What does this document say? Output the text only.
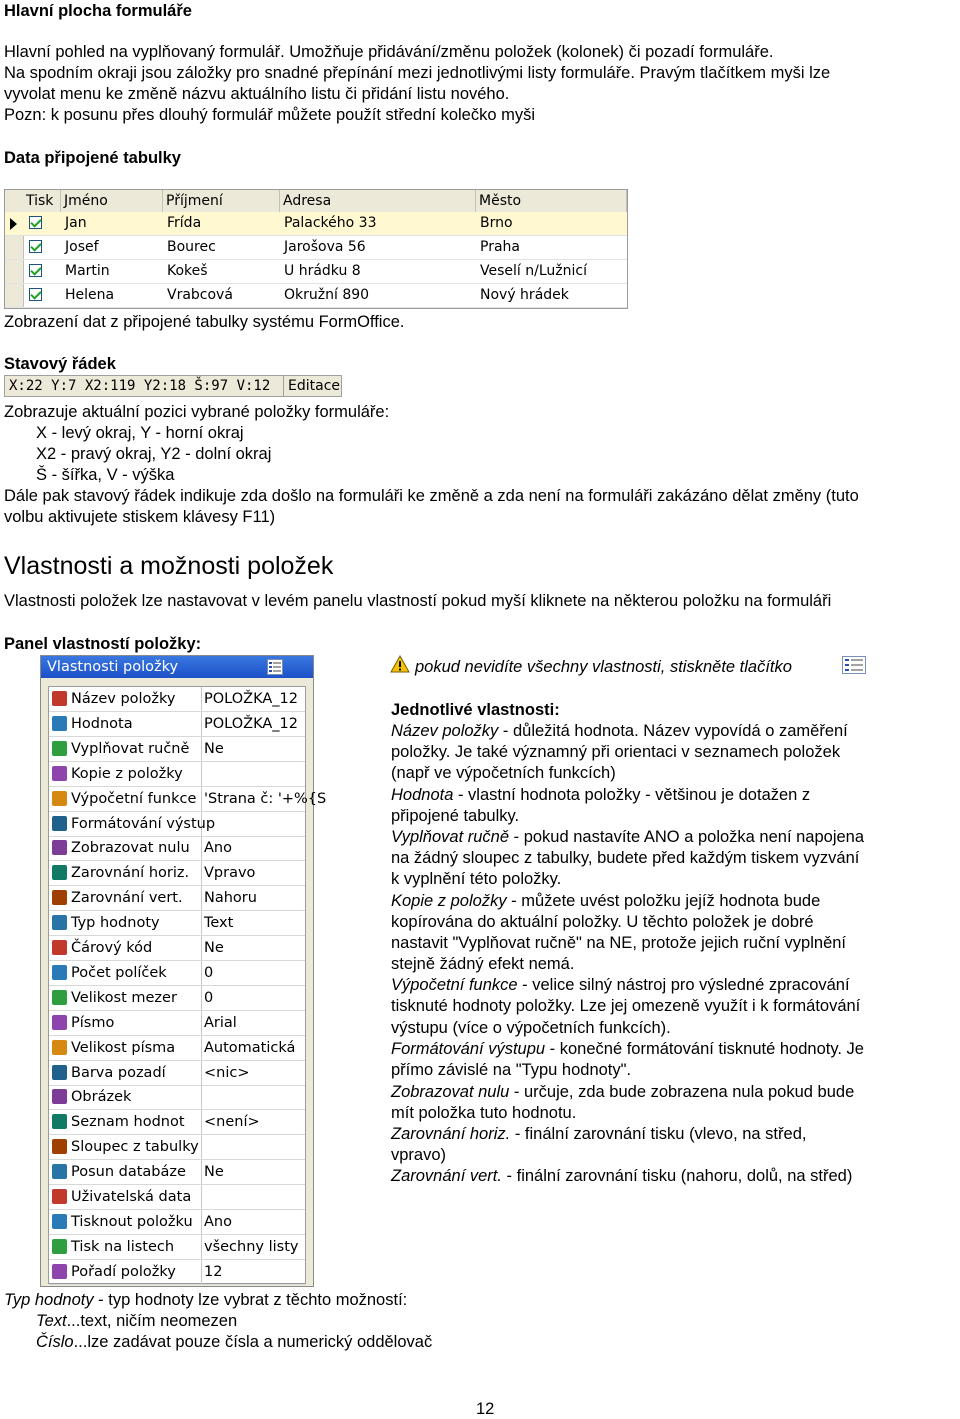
Hlavní plocha formuláře
Hlavní pohled na vyplňovaný formulář. Umožňuje přidávání/změnu položek (kolonek) či pozadí formuláře.
Na spodním okraji jsou záložky pro snadné přepínání mezi jednotlivými listy formuláře. Pravým tlačítkem myši lze
vyvolat menu ke změně názvu aktuálního listu či přidání listu nového.
Pozn: k posunu přes dlouhý formulář můžete použít střední kolečko myši
Data připojené tabulky
Tisk Jméno	Příjmení	Adresa	Město
Jan	Frída	Palackého 33	Brno
Josef	Bourec	Jarošova 56	Praha
Martin	Kokeš	U hrádku 8	Veselí n/Lužnicí
Helena	Vrabcová	Okružní 890	Nový hrádek
Zobrazení dat z připojené tabulky systému FormOffice.
Stavový řádek
X:22 Y:7 X2:119 Y2:18 Š:97 V:12	Editace
Zobrazuje aktuální pozici vybrané položky formuláře:
X - levý okraj, Y - horní okraj
X2 - pravý okraj, Y2 - dolní okraj
Š - šířka, V - výška
Dále pak stavový řádek indikuje zda došlo na formuláři ke změně a zda není na formuláři zakázáno dělat změny (tuto
volbu aktivujete stiskem klávesy F11)
Vlastnosti a možnosti položek
Vlastnosti položek lze nastavovat v levém panelu vlastností pokud myší kliknete na některou položku na formuláři
Panel vlastností položky:
Vlastnosti položky
Název položky	POLOŽKA_12
Hodnota	POLOŽKA_12
Vyplňovat ručně	Ne
Kopie z položky
Výpočetní funkce 'Strana č: '+%{S
Formátování výstup
Zobrazovat nulu Ano
Zarovnání horiz.	Vpravo
Zarovnání vert.	Nahoru
Typ hodnoty	Text
Čárový kód	Ne
Počet políček	0
Velikost mezer	0
Písmo	Arial
Velikost písma	Automatická
Barva pozadí	<nic>
Obrázek
Seznam hodnot	<není>
Sloupec z tabulky
Posun databáze	Ne
Uživatelská data
Tisknout položku Ano
Tisk na listech	všechny listy
Pořadí položky	12
pokud nevidíte všechny vlastnosti, stiskněte tlačítko
Jednotlivé vlastnosti:
Název položky - důležitá hodnota. Název vypovídá o zaměření
položky. Je také významný při orientaci v seznamech položek
(např ve výpočetních funkcích)
Hodnota - vlastní hodnota položky - většinou je dotažen z
připojené tabulky.
Vyplňovat ručně - pokud nastavíte ANO a položka není napojena
na žádný sloupec z tabulky, budete před každým tiskem vyzvání
k vyplnění této položky.
Kopie z položky - můžete uvést položku jejíž hodnota bude
kopírována do aktuální položky. U těchto položek je dobré
nastavit "Vyplňovat ručně" na NE, protože jejich ruční vyplnění
stejně žádný efekt nemá.
Výpočetní funkce - velice silný nástroj pro výsledné zpracování
tisknuté hodnoty položky. Lze jej omezeně využít i k formátování
výstupu (více o výpočetních funkcích).
Formátování výstupu - konečné formátování tisknuté hodnoty. Je
přímo závislé na "Typu hodnoty".
Zobrazovat nulu - určuje, zda bude zobrazena nula pokud bude
mít položka tuto hodnotu.
Zarovnání horiz. - finální zarovnání tisku (vlevo, na střed,
vpravo)
Zarovnání vert. - finální zarovnání tisku (nahoru, dolů, na střed)
Typ hodnoty - typ hodnoty lze vybrat z těchto možností:
Text...text, ničím neomezen
Číslo...lze zadávat pouze čísla a numerický oddělovač
12
